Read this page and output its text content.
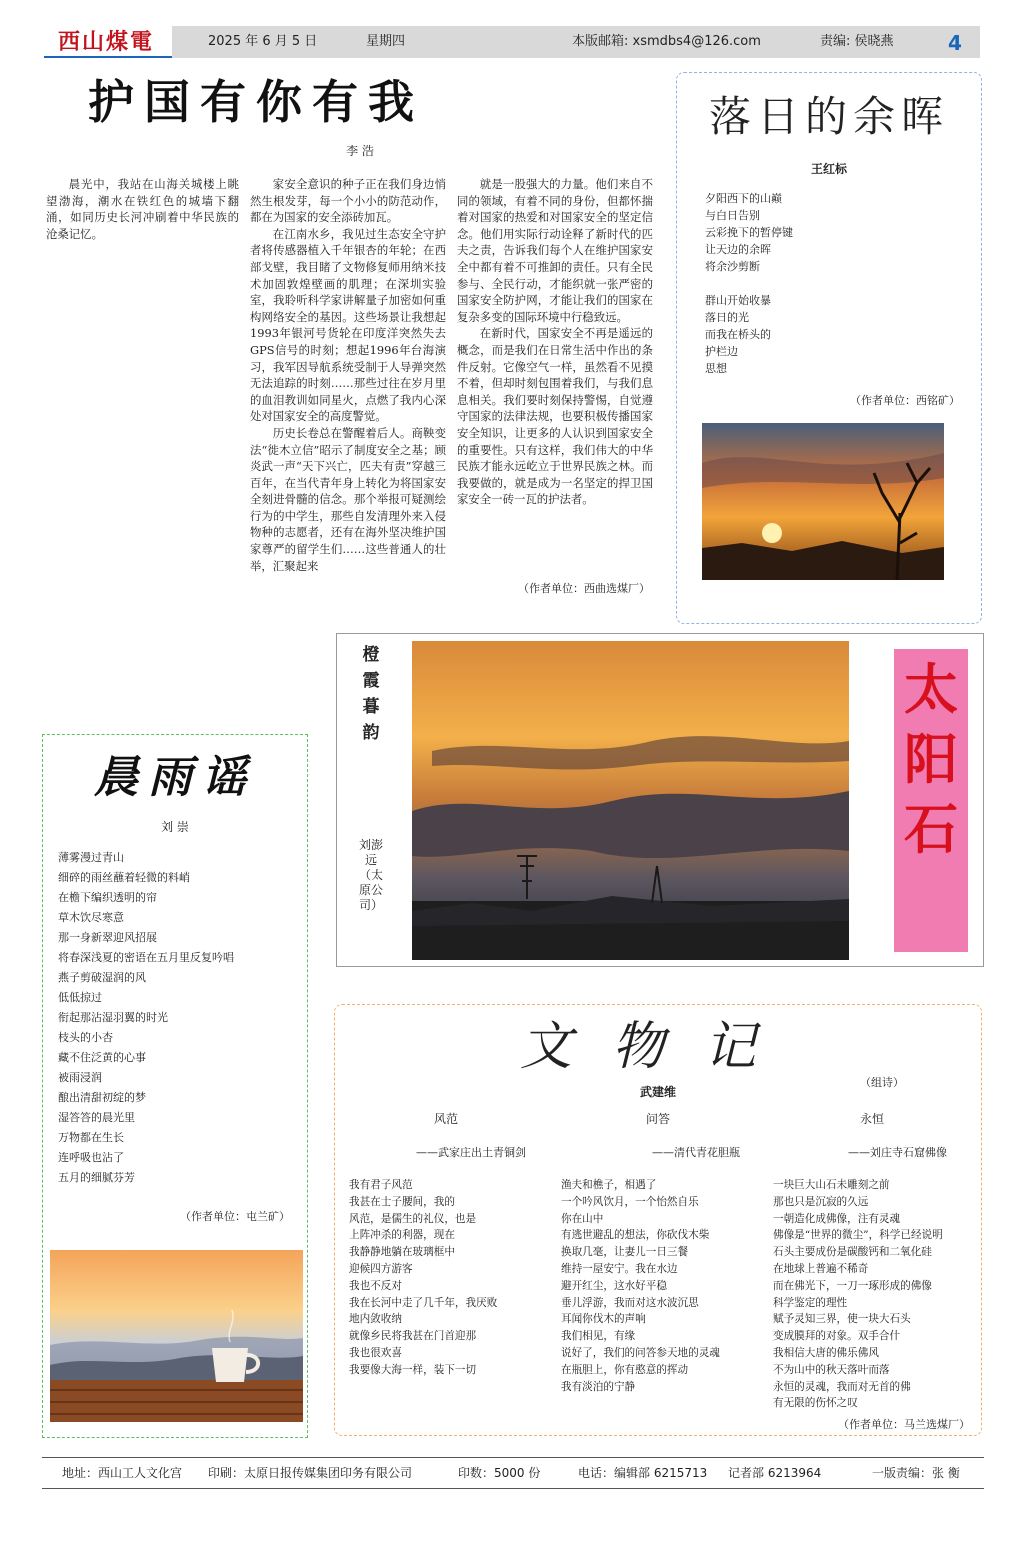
西山煤電	2025 年 6 月 5 日	星期四	本版邮箱: xsmdbs4@126.com	责编: 侯晓燕	4
护国有你有我
李 浩

晨光中，我站在山海关城楼上眺望渤海，潮水在铁红色的城墙下翻涌，如同历史长河冲刷着中华民族的沧桑记忆。

家安全意识的种子正在我们身边悄然生根发芽，每一个小小的防范动作，都在为国家的安全添砖加瓦。

在江南水乡，我见过生态安全守护者将传感器植入千年银杏的年轮；在西部戈壁，我目睹了文物修复师用纳米技术加固敦煌壁画的肌理；在深圳实验室，我聆听科学家讲解量子加密如何重构网络安全的基因。这些场景让我想起1993年银河号货轮在印度洋突然失去GPS信号的时刻；想起1996年台海演习，我军因导航系统受制于人导弹突然无法追踪的时刻……那些过往在岁月里的血泪教训如同星火，点燃了我内心深处对国家安全的高度警觉。

历史长卷总在警醒着后人。商鞅变法“徙木立信”昭示了制度安全之基；顾炎武一声“天下兴亡，匹夫有责”穿越三百年，在当代青年身上转化为将国家安全刻进骨髓的信念。那个举报可疑测绘行为的中学生，那些自发清理外来入侵物种的志愿者，还有在海外坚决维护国家尊严的留学生们……这些普通人的壮举，汇聚起来

就是一股强大的力量。他们来自不同的领域，有着不同的身份，但都怀揣着对国家的热爱和对国家安全的坚定信念。他们用实际行动诠释了新时代的匹夫之责，告诉我们每个人在维护国家安全中都有着不可推卸的责任。只有全民参与、全民行动，才能织就一张严密的国家安全防护网，才能让我们的国家在复杂多变的国际环境中行稳致远。

在新时代，国家安全不再是遥远的概念，而是我们在日常生活中作出的条件反射。它像空气一样，虽然看不见摸不着，但却时刻包围着我们，与我们息息相关。我们要时刻保持警惕，自觉遵守国家的法律法规，也要积极传播国家安全知识，让更多的人认识到国家安全的重要性。只有这样，我们伟大的中华民族才能永远屹立于世界民族之林。而我要做的，就是成为一名坚定的捍卫国家安全一砖一瓦的护法者。

（作者单位：西曲选煤厂）
落日的余晖
王红标
夕阳西下的山巅
与白日告别
云彩挽下的暂停键
让天边的余晖
将余沙剪断
群山开始收暴
落日的光
而我在桥头的
护栏边
思想
（作者单位：西铭矿）
橙霞暮韵
刘澎远（太原公司）
太
阳
石
晨雨谣
刘 崇
薄雾漫过青山
细碎的雨丝蘸着轻微的料峭
在檐下编织透明的帘
草木饮尽寒意
那一身新翠迎风招展
将春深浅夏的密语在五月里反复吟唱
燕子剪破湿润的风
低低掠过
衔起那沾湿羽翼的时光
枝头的小杏
藏不住泛黄的心事
被雨浸润
酿出清甜初绽的梦
湿答答的晨光里
万物都在生长
连呼吸也沾了
五月的细腻芬芳
（作者单位：屯兰矿）
文物记
（组诗）
武建维
风范	问答	永恒
——武家庄出土青铜剑	——清代青花胆瓶	——刘庄寺石窟佛像
我有君子风范
我甚在士子腰间，我的
风范，是儒生的礼仪，也是
上阵冲杀的利器，现在
我静静地躺在玻璃框中
迎候四方游客
我也不反对
我在长河中走了几千年，我厌败
地内敛收纳
就像乡民将我甚在门首迎那
我也很欢喜
我要像大海一样，装下一切
渔夫和樵子，相遇了
一个吟风饮月，一个怡然自乐
你在山中
有逃世避乱的想法，你砍伐木柴
换取几毫，让妻儿一日三餐
维持一屋安宁。我在水边
避开红尘，这水好平稳
垂儿浮游，我而对这水波沉思
耳闻你伐木的声响
我们相见，有缘
说好了，我们的问答参天地的灵魂
在瓶胆上，你有憨意的挥动
我有淡泊的宁静
一块巨大山石未雕刻之前
那也只是沉寂的久远
一朝造化成佛像，注有灵魂
佛像是“世界的微尘”，科学已经说明
石头主要成份是碳酸钙和二氧化硅
在地球上普遍不稀奇
而在佛光下，一刀一琢形成的佛像
科学鉴定的理性
赋予灵知三界，使一块大石头
变成膜拜的对象。双手合什
我相信大唐的佛乐佛风
不为山中的秋天落叶而落
永恒的灵魂，我而对无首的佛
有无限的伤怀之叹
（作者单位：马兰选煤厂）
地址：西山工人文化宫 印刷：太原日报传媒集团印务有限公司	印数：5000 份	电话：编辑部 6215713 记者部 6213964	一版责编：张 衡
